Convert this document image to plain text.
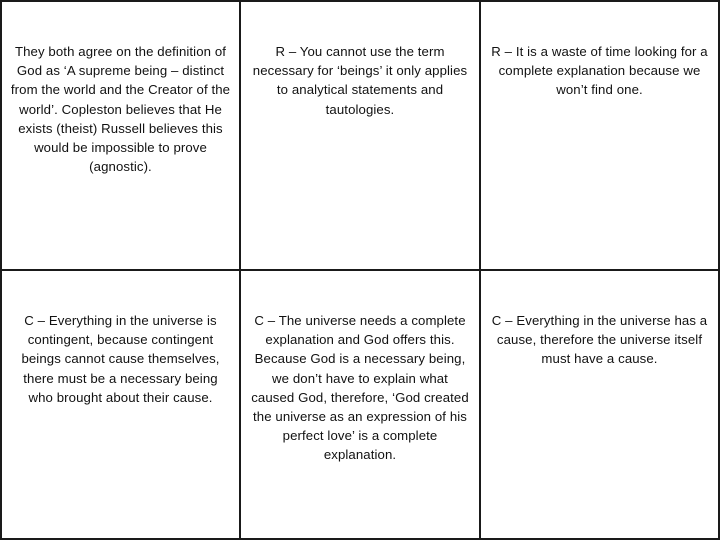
They both agree on the definition of God as ‘A supreme being – distinct from the world and the Creator of the world’. Copleston believes that He exists (theist) Russell believes this would be impossible to prove (agnostic).
R – You cannot use the term necessary for ‘beings’ it only applies to analytical statements and tautologies.
R – It is a waste of time looking for a complete explanation because we won’t find one.
C – Everything in the universe is contingent, because contingent beings cannot cause themselves, there must be a necessary being who brought about their cause.
C – The universe needs a complete explanation and God offers this. Because God is a necessary being, we don’t have to explain what caused God, therefore, ‘God created the universe as an expression of his perfect love’ is a complete explanation.
C – Everything in the universe has a cause, therefore the universe itself must have a cause.
